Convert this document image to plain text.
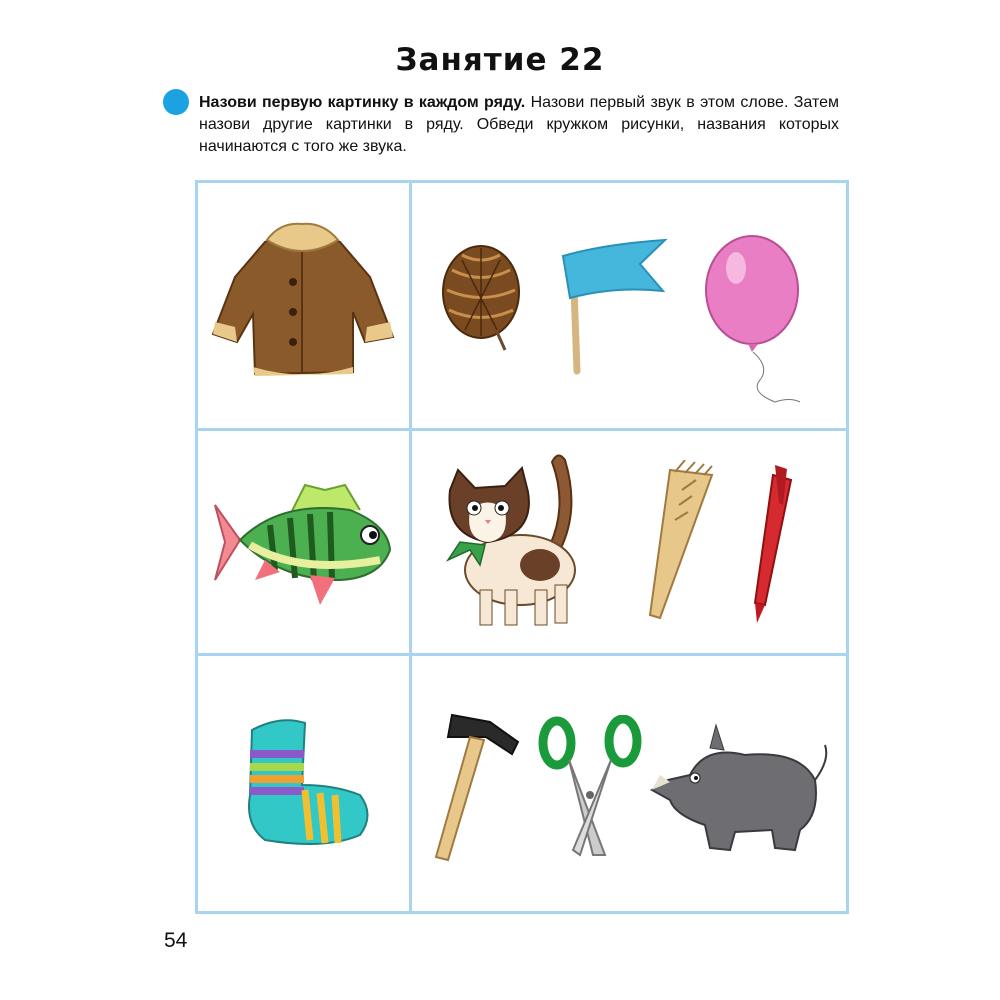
Занятие 22
Назови первую картинку в каждом ряду. Назови первый звук в этом слове. Затем назови другие картинки в ряду. Обведи кружком рисунки, названия которых начинаются с того же звука.
54
